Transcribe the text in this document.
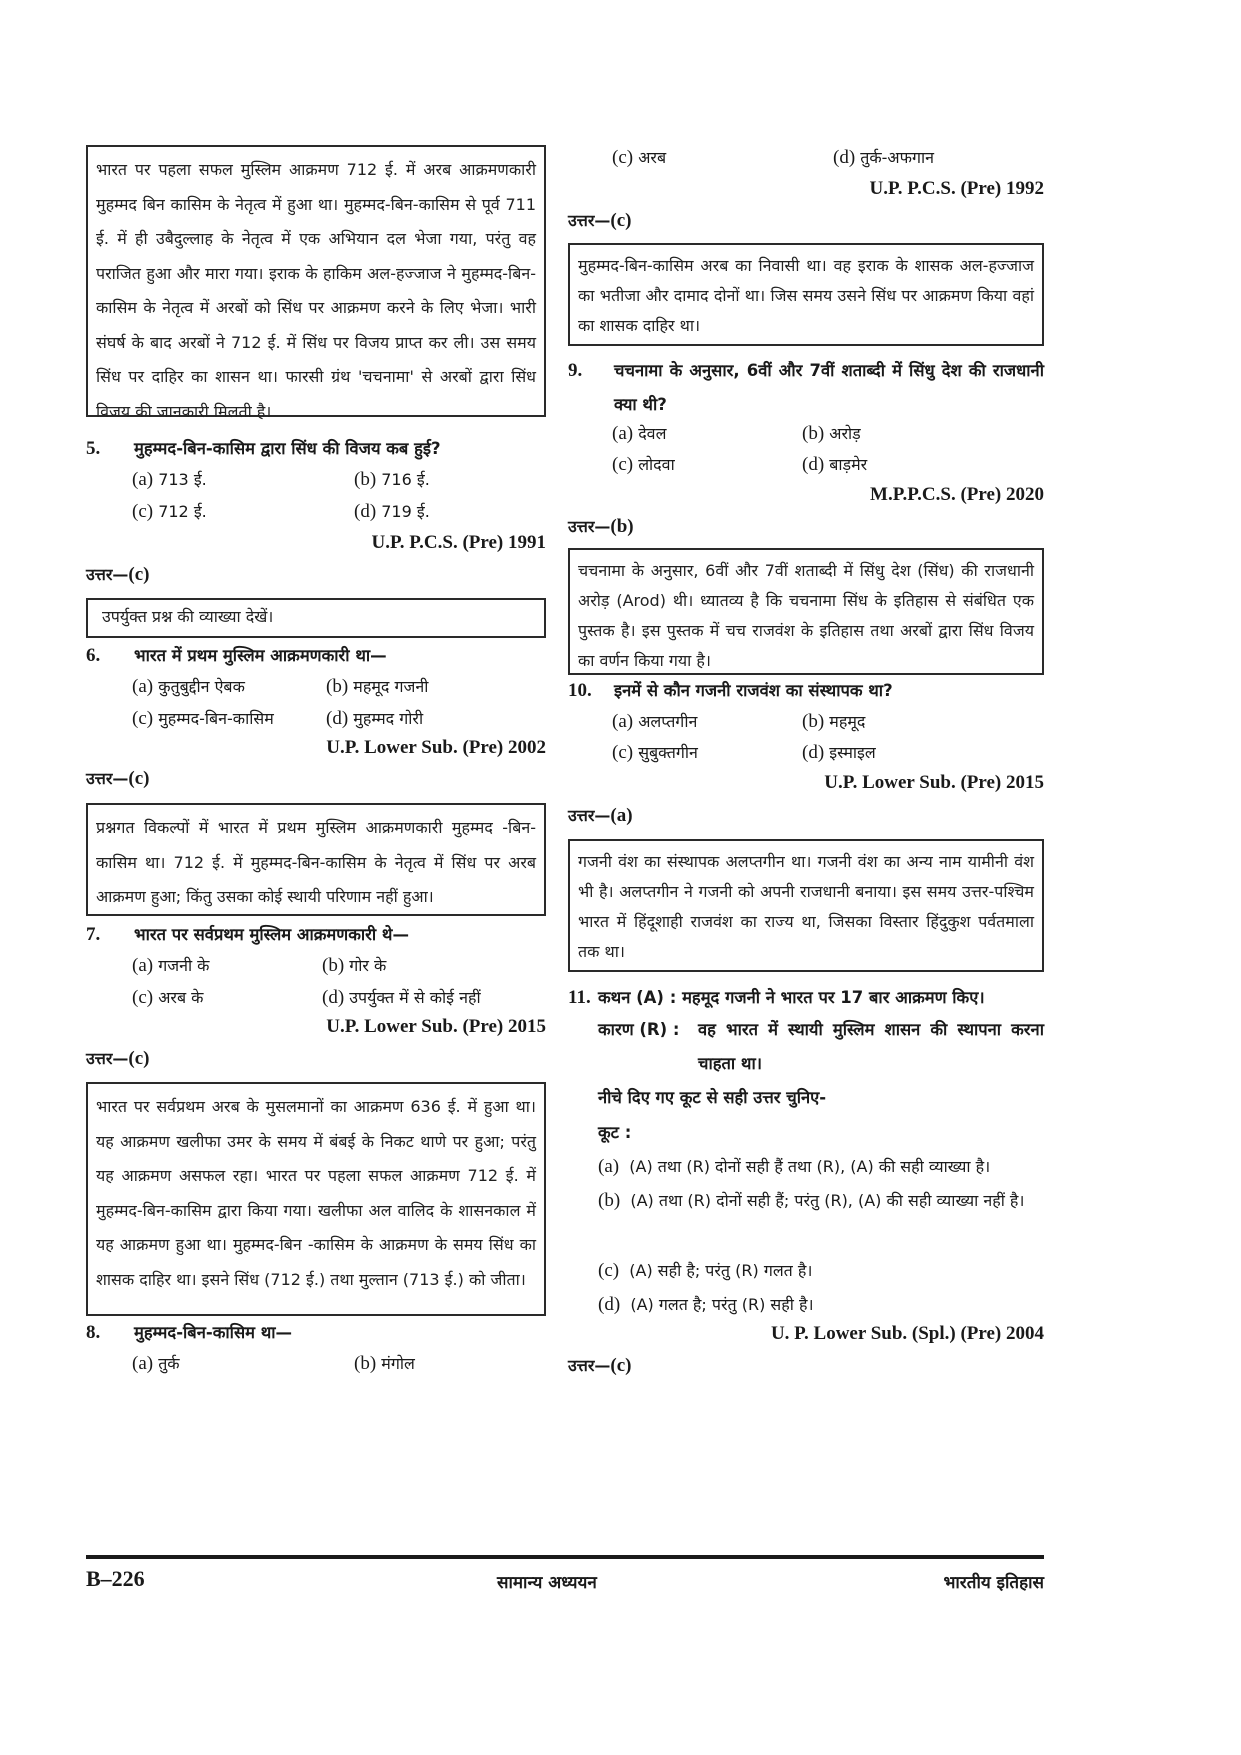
भारत पर पहला सफल मुस्लिम आक्रमण 712 ई. में अरब आक्रमणकारी मुहम्मद बिन कासिम के नेतृत्व में हुआ था। मुहम्मद-बिन-कासिम से पूर्व 711 ई. में ही उबैदुल्लाह के नेतृत्व में एक अभियान दल भेजा गया, परंतु वह पराजित हुआ और मारा गया। इराक के हाकिम अल-हज्जाज ने मुहम्मद-बिन-कासिम के नेतृत्व में अरबों को सिंध पर आक्रमण करने के लिए भेजा। भारी संघर्ष के बाद अरबों ने 712 ई. में सिंध पर विजय प्राप्त कर ली। उस समय सिंध पर दाहिर का शासन था। फारसी ग्रंथ 'चचनामा' से अरबों द्वारा सिंध विजय की जानकारी मिलती है।

5. मुहम्मद-बिन-कासिम द्वारा सिंध की विजय कब हुई?
(a) 713 ई.	(b) 716 ई.
(c) 712 ई.	(d) 719 ई.
U.P. P.C.S. (Pre) 1991
उत्तर—(c)

उपर्युक्त प्रश्न की व्याख्या देखें।

6. भारत में प्रथम मुस्लिम आक्रमणकारी था—
(a) कुतुबुद्दीन ऐबक	(b) महमूद गजनी
(c) मुहम्मद-बिन-कासिम	(d) मुहम्मद गोरी
U.P. Lower Sub. (Pre) 2002
उत्तर—(c)

प्रश्नगत विकल्पों में भारत में प्रथम मुस्लिम आक्रमणकारी मुहम्मद -बिन-कासिम था। 712 ई. में मुहम्मद-बिन-कासिम के नेतृत्व में सिंध पर अरब आक्रमण हुआ; किंतु उसका कोई स्थायी परिणाम नहीं हुआ।

7. भारत पर सर्वप्रथम मुस्लिम आक्रमणकारी थे—
(a) गजनी के	(b) गोर के
(c) अरब के	(d) उपर्युक्त में से कोई नहीं
U.P. Lower Sub. (Pre) 2015
उत्तर—(c)

भारत पर सर्वप्रथम अरब के मुसलमानों का आक्रमण 636 ई. में हुआ था। यह आक्रमण खलीफा उमर के समय में बंबई के निकट थाणे पर हुआ; परंतु यह आक्रमण असफल रहा। भारत पर पहला सफल आक्रमण 712 ई. में मुहम्मद-बिन-कासिम द्वारा किया गया। खलीफा अल वालिद के शासनकाल में यह आक्रमण हुआ था। मुहम्मद-बिन -कासिम के आक्रमण के समय सिंध का शासक दाहिर था। इसने सिंध (712 ई.) तथा मुल्तान (713 ई.) को जीता।

8. मुहम्मद-बिन-कासिम था—
(a) तुर्क	(b) मंगोल
(c) अरब	(d) तुर्क-अफगान
U.P. P.C.S. (Pre) 1992
उत्तर—(c)

मुहम्मद-बिन-कासिम अरब का निवासी था। वह इराक के शासक अल-हज्जाज का भतीजा और दामाद दोनों था। जिस समय उसने सिंध पर आक्रमण किया वहां का शासक दाहिर था।

9. चचनामा के अनुसार, 6वीं और 7वीं शताब्दी में सिंधु देश की राजधानी क्या थी?
(a) देवल	(b) अरोड़
(c) लोदवा	(d) बाड़मेर
M.P.P.C.S. (Pre) 2020
उत्तर—(b)

चचनामा के अनुसार, 6वीं और 7वीं शताब्दी में सिंधु देश (सिंध) की राजधानी अरोड़ (Arod) थी। ध्यातव्य है कि चचनामा सिंध के इतिहास से संबंधित एक पुस्तक है। इस पुस्तक में चच राजवंश के इतिहास तथा अरबों द्वारा सिंध विजय का वर्णन किया गया है।

10. इनमें से कौन गजनी राजवंश का संस्थापक था?
(a) अलप्तगीन	(b) महमूद
(c) सुबुक्तगीन	(d) इस्माइल
U.P. Lower Sub. (Pre) 2015
उत्तर—(a)

गजनी वंश का संस्थापक अलप्तगीन था। गजनी वंश का अन्य नाम यामीनी वंश भी है। अलप्तगीन ने गजनी को अपनी राजधानी बनाया। इस समय उत्तर-पश्चिम भारत में हिंदूशाही राजवंश का राज्य था, जिसका विस्तार हिंदुकुश पर्वतमाला तक था।

11. कथन (A) : महमूद गजनी ने भारत पर 17 बार आक्रमण किए।
कारण (R) : वह भारत में स्थायी मुस्लिम शासन की स्थापना करना चाहता था।
नीचे दिए गए कूट से सही उत्तर चुनिए-
कूट :
(a) (A) तथा (R) दोनों सही हैं तथा (R), (A) की सही व्याख्या है।
(b) (A) तथा (R) दोनों सही हैं; परंतु (R), (A) की सही व्याख्या नहीं है।
(c) (A) सही है; परंतु (R) गलत है।
(d) (A) गलत है; परंतु (R) सही है।
U. P. Lower Sub. (Spl.) (Pre) 2004
उत्तर—(c)
B–226	सामान्य अध्ययन	भारतीय इतिहास
